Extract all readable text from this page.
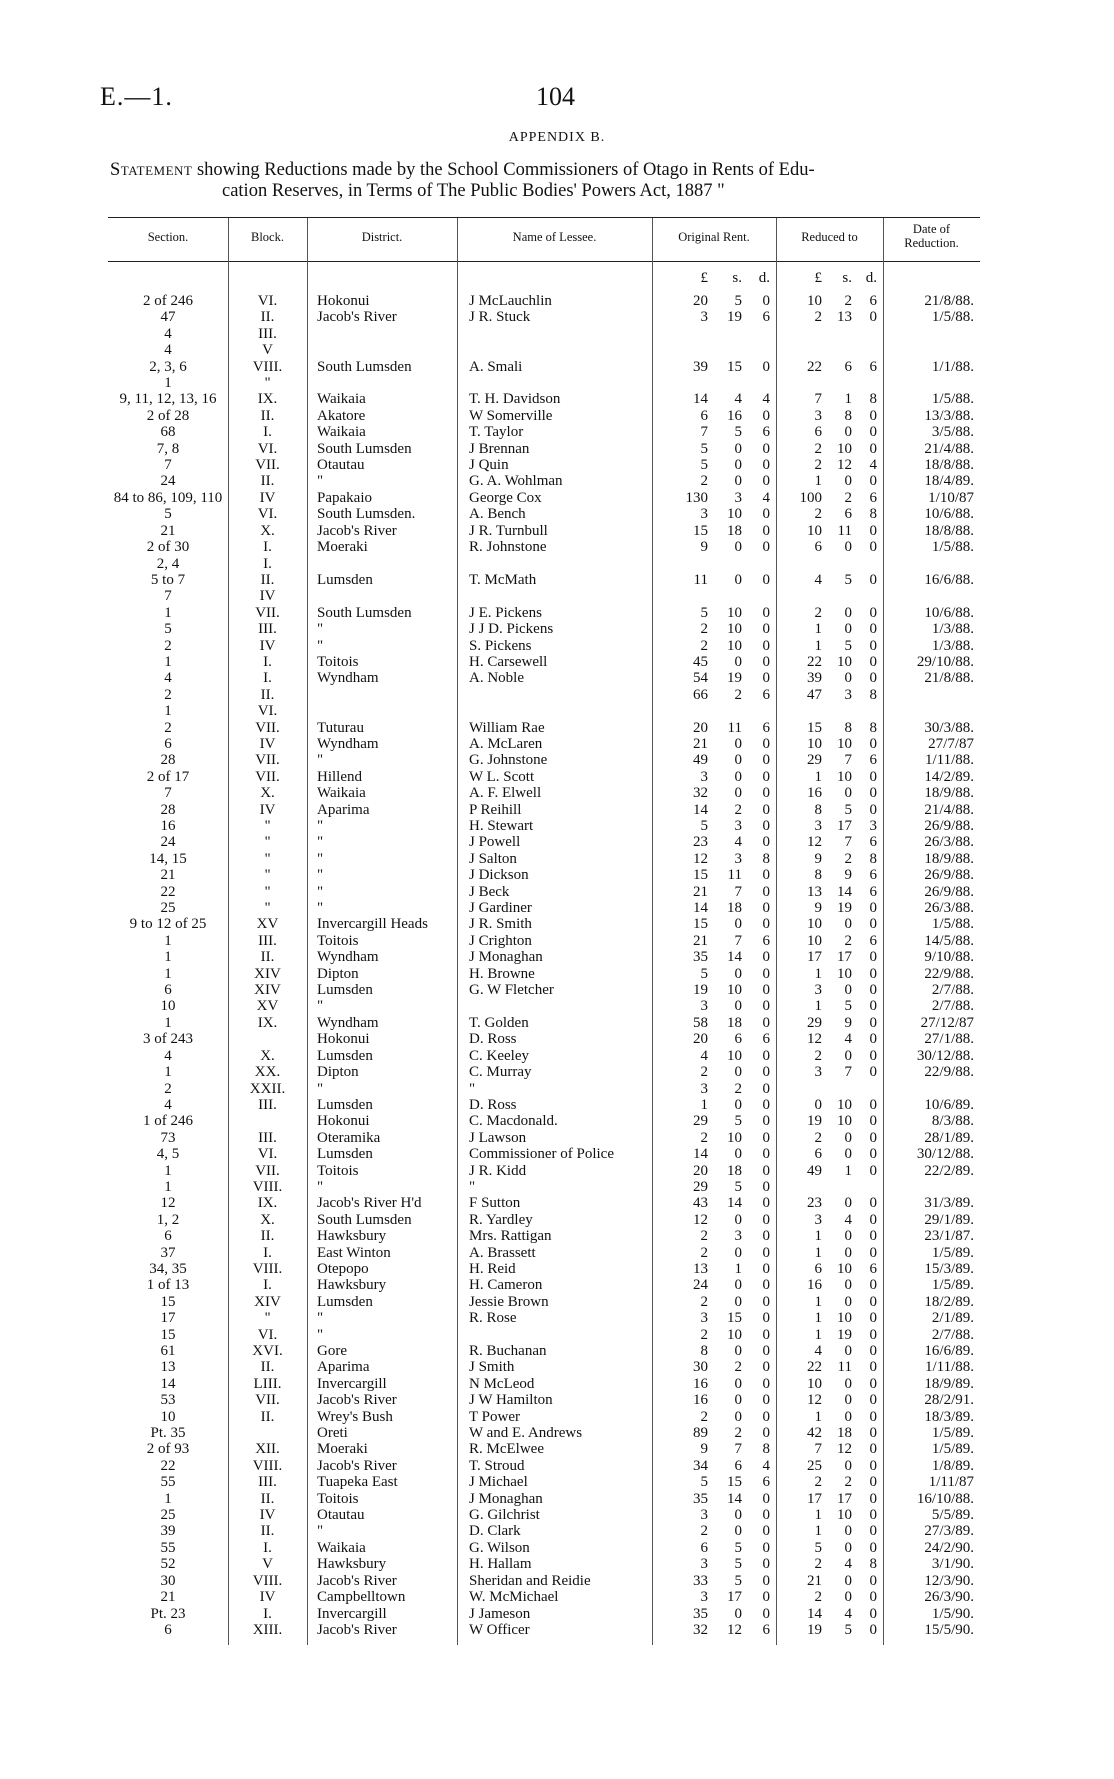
E.—1.	104
APPENDIX B.
Statement showing Reductions made by the School Commissioners of Otago in Rents of Edu-
cation Reserves, in Terms of The Public Bodies' Powers Act, 1887 "
Section.	Block.	District.	Name of Lessee.	Original Rent.	Reduced to
Date of
Reduction.
				£	s.	d.	£	s.	d.	
2 of 246	VI.	Hokonui	J McLauchlin	20	5	0	10	2	6	21/8/88.
47	II.	Jacob's River	J R. Stuck	3	19	6	2	13	0	1/5/88.
4	III.									
4	V									
2, 3, 6	VIII.	South Lumsden	A. Smali	39	15	0	22	6	6	1/1/88.
1	"									
9, 11, 12, 13, 16	IX.	Waikaia	T. H. Davidson	14	4	4	7	1	8	1/5/88.
2 of 28	II.	Akatore	W Somerville	6	16	0	3	8	0	13/3/88.
68	I.	Waikaia	T. Taylor	7	5	6	6	0	0	3/5/88.
7, 8	VI.	South Lumsden	J Brennan	5	0	0	2	10	0	21/4/88.
7	VII.	Otautau	J Quin	5	0	0	2	12	4	18/8/88.
24	II.	"	G. A. Wohlman	2	0	0	1	0	0	18/4/89.
84 to 86, 109, 110	IV	Papakaio	George Cox	130	3	4	100	2	6	1/10/87
5	VI.	South Lumsden.	A. Bench	3	10	0	2	6	8	10/6/88.
21	X.	Jacob's River	J R. Turnbull	15	18	0	10	11	0	18/8/88.
2 of 30	I.	Moeraki	R. Johnstone	9	0	0	6	0	0	1/5/88.
2, 4	I.									
5 to 7	II.	Lumsden	T. McMath	11	0	0	4	5	0	16/6/88.
7	IV									
1	VII.	South Lumsden	J E. Pickens	5	10	0	2	0	0	10/6/88.
5	III.	"	J J D. Pickens	2	10	0	1	0	0	1/3/88.
2	IV	"	S. Pickens	2	10	0	1	5	0	1/3/88.
1	I.	Toitois	H. Carsewell	45	0	0	22	10	0	29/10/88.
4	I.	Wyndham	A. Noble	54	19	0	39	0	0	21/8/88.
2	II.			66	2	6	47	3	8	
1	VI.									
2	VII.	Tuturau	William Rae	20	11	6	15	8	8	30/3/88.
6	IV	Wyndham	A. McLaren	21	0	0	10	10	0	27/7/87
28	VII.	"	G. Johnstone	49	0	0	29	7	6	1/11/88.
2 of 17	VII.	Hillend	W L. Scott	3	0	0	1	10	0	14/2/89.
7	X.	Waikaia	A. F. Elwell	32	0	0	16	0	0	18/9/88.
28	IV	Aparima	P Reihill	14	2	0	8	5	0	21/4/88.
16	"	"	H. Stewart	5	3	0	3	17	3	26/9/88.
24	"	"	J Powell	23	4	0	12	7	6	26/3/88.
14, 15	"	"	J Salton	12	3	8	9	2	8	18/9/88.
21	"	"	J Dickson	15	11	0	8	9	6	26/9/88.
22	"	"	J Beck	21	7	0	13	14	6	26/9/88.
25	"	"	J Gardiner	14	18	0	9	19	0	26/3/88.
9 to 12 of 25	XV	Invercargill Heads	J R. Smith	15	0	0	10	0	0	1/5/88.
1	III.	Toitois	J Crighton	21	7	6	10	2	6	14/5/88.
1	II.	Wyndham	J Monaghan	35	14	0	17	17	0	9/10/88.
1	XIV	Dipton	H. Browne	5	0	0	1	10	0	22/9/88.
6	XIV	Lumsden	G. W Fletcher	19	10	0	3	0	0	2/7/88.
10	XV	"		3	0	0	1	5	0	2/7/88.
1	IX.	Wyndham	T. Golden	58	18	0	29	9	0	27/12/87
3 of 243		Hokonui	D. Ross	20	6	6	12	4	0	27/1/88.
4	X.	Lumsden	C. Keeley	4	10	0	2	0	0	30/12/88.
1	XX.	Dipton	C. Murray	2	0	0	3	7	0	22/9/88.
2	XXII.	"	"	3	2	0				
4	III.	Lumsden	D. Ross	1	0	0	0	10	0	10/6/89.
1 of 246		Hokonui	C. Macdonald.	29	5	0	19	10	0	8/3/88.
73	III.	Oteramika	J Lawson	2	10	0	2	0	0	28/1/89.
4, 5	VI.	Lumsden	Commissioner of Police	14	0	0	6	0	0	30/12/88.
1	VII.	Toitois	J R. Kidd	20	18	0	49	1	0	22/2/89.
1	VIII.	"	"	29	5	0				
12	IX.	Jacob's River H'd	F Sutton	43	14	0	23	0	0	31/3/89.
1, 2	X.	South Lumsden	R. Yardley	12	0	0	3	4	0	29/1/89.
6	II.	Hawksbury	Mrs. Rattigan	2	3	0	1	0	0	23/1/87.
37	I.	East Winton	A. Brassett	2	0	0	1	0	0	1/5/89.
34, 35	VIII.	Otepopo	H. Reid	13	1	0	6	10	6	15/3/89.
1 of 13	I.	Hawksbury	H. Cameron	24	0	0	16	0	0	1/5/89.
15	XIV	Lumsden	Jessie Brown	2	0	0	1	0	0	18/2/89.
17	"	"	R. Rose	3	15	0	1	10	0	2/1/89.
15	VI.	"		2	10	0	1	19	0	2/7/88.
61	XVI.	Gore	R. Buchanan	8	0	0	4	0	0	16/6/89.
13	II.	Aparima	J Smith	30	2	0	22	11	0	1/11/88.
14	LIII.	Invercargill	N McLeod	16	0	0	10	0	0	18/9/89.
53	VII.	Jacob's River	J W Hamilton	16	0	0	12	0	0	28/2/91.
10	II.	Wrey's Bush	T Power	2	0	0	1	0	0	18/3/89.
Pt. 35		Oreti	W and E. Andrews	89	2	0	42	18	0	1/5/89.
2 of 93	XII.	Moeraki	R. McElwee	9	7	8	7	12	0	1/5/89.
22	VIII.	Jacob's River	T. Stroud	34	6	4	25	0	0	1/8/89.
55	III.	Tuapeka East	J Michael	5	15	6	2	2	0	1/11/87
1	II.	Toitois	J Monaghan	35	14	0	17	17	0	16/10/88.
25	IV	Otautau	G. Gilchrist	3	0	0	1	10	0	5/5/89.
39	II.	"	D. Clark	2	0	0	1	0	0	27/3/89.
55	I.	Waikaia	G. Wilson	6	5	0	5	0	0	24/2/90.
52	V	Hawksbury	H. Hallam	3	5	0	2	4	8	3/1/90.
30	VIII.	Jacob's River	Sheridan and Reidie	33	5	0	21	0	0	12/3/90.
21	IV	Campbelltown	W. McMichael	3	17	0	2	0	0	26/3/90.
Pt. 23	I.	Invercargill	J Jameson	35	0	0	14	4	0	1/5/90.
6	XIII.	Jacob's River	W Officer	32	12	6	19	5	0	15/5/90.
